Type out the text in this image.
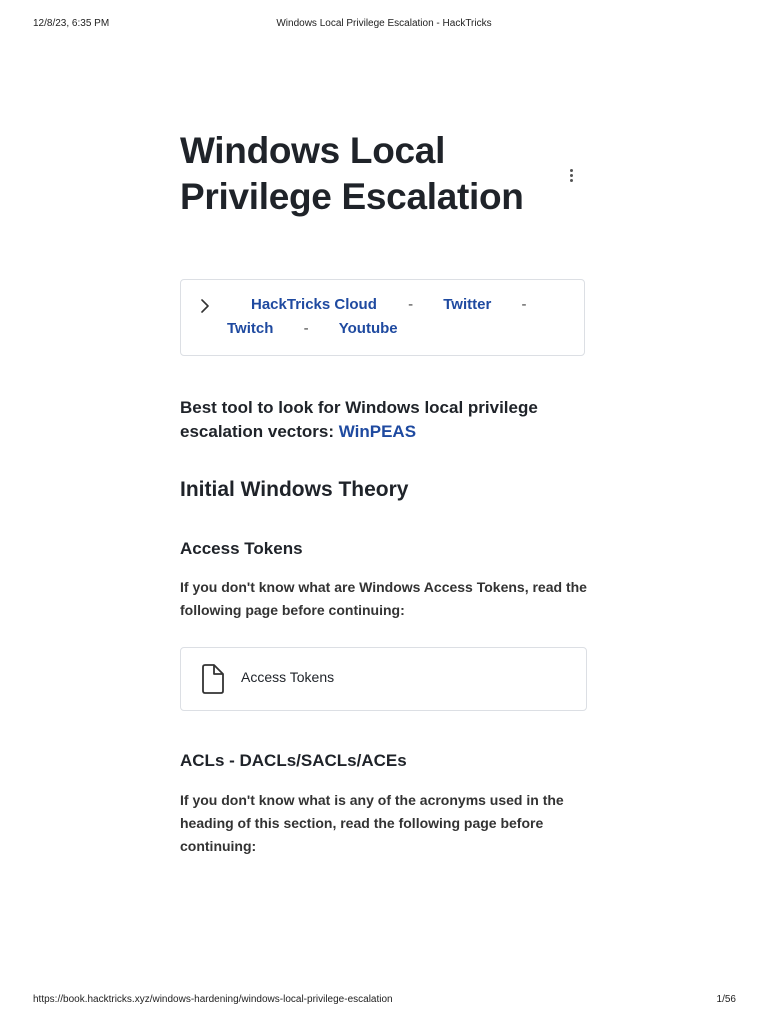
12/8/23, 6:35 PM	Windows Local Privilege Escalation - HackTricks
Windows Local
Privilege Escalation
HackTricks Cloud - Twitter -
Twitch - Youtube
Best tool to look for Windows local privilege escalation vectors: WinPEAS
Initial Windows Theory
Access Tokens
If you don't know what are Windows Access Tokens, read the following page before continuing:
Access Tokens
ACLs - DACLs/SACLs/ACEs
If you don't know what is any of the acronyms used in the heading of this section, read the following page before continuing:
https://book.hacktricks.xyz/windows-hardening/windows-local-privilege-escalation	1/56
